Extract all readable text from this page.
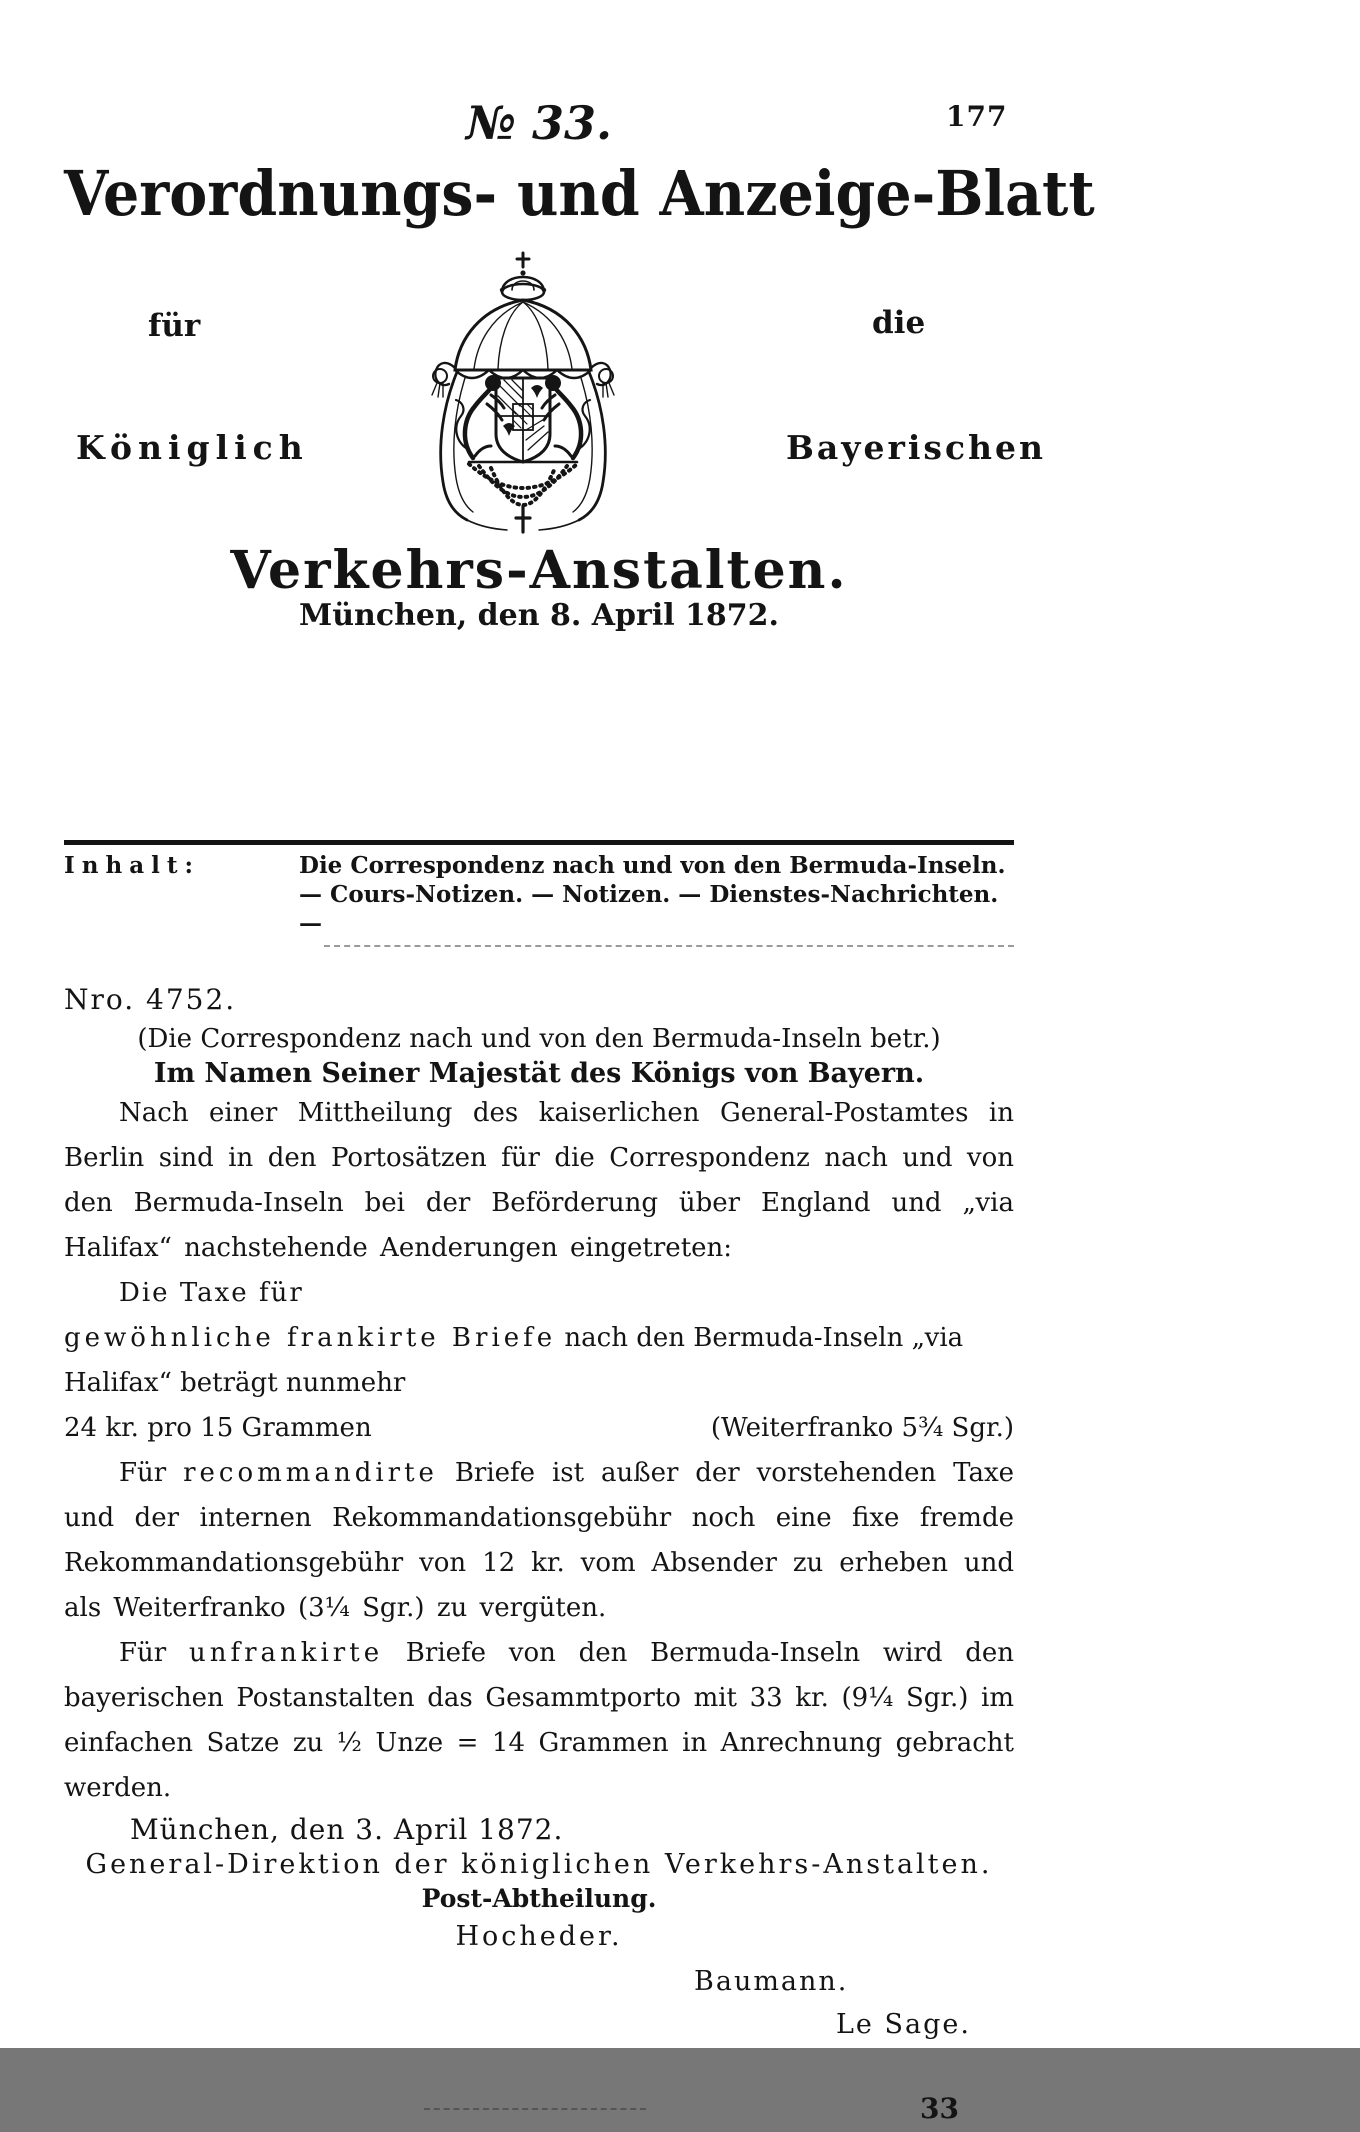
177
№ 33.
Verordnungs- und Anzeige-Blatt
für	die
Königlich	Bayerischen
Verkehrs-Anstalten.
München, den 8. April 1872.
Inhalt:	Die Correspondenz nach und von den Bermuda-Inseln. — Cours-Notizen. — Notizen. — Dienstes-Nachrichten. —
Nro. 4752.
(Die Correspondenz nach und von den Bermuda-Inseln betr.)
Im Namen Seiner Majestät des Königs von Bayern.

Nach einer Mittheilung des kaiserlichen General-Postamtes in Berlin sind in den Portosätzen für die Correspondenz nach und von den Bermuda-Inseln bei der Beförderung über England und „via Halifax“ nachstehende Aenderungen eingetreten:

Die Taxe für
gewöhnliche frankirte Briefe nach den Bermuda-Inseln „via Halifax“ beträgt nunmehr
24 kr. pro 15 Grammen	(Weiterfranko 5¾ Sgr.)

Für recommandirte Briefe ist außer der vorstehenden Taxe und der internen Rekommandationsgebühr noch eine fixe fremde Rekommandationsgebühr von 12 kr. vom Absender zu erheben und als Weiterfranko (3¼ Sgr.) zu vergüten.

Für unfrankirte Briefe von den Bermuda-Inseln wird den bayerischen Postanstalten das Gesammtporto mit 33 kr. (9¼ Sgr.) im einfachen Satze zu ½ Unze = 14 Grammen in Anrechnung gebracht werden.

München, den 3. April 1872.
General-Direktion der königlichen Verkehrs-Anstalten.
Post-Abtheilung.
Hocheder.
Baumann.
Le Sage.
33
